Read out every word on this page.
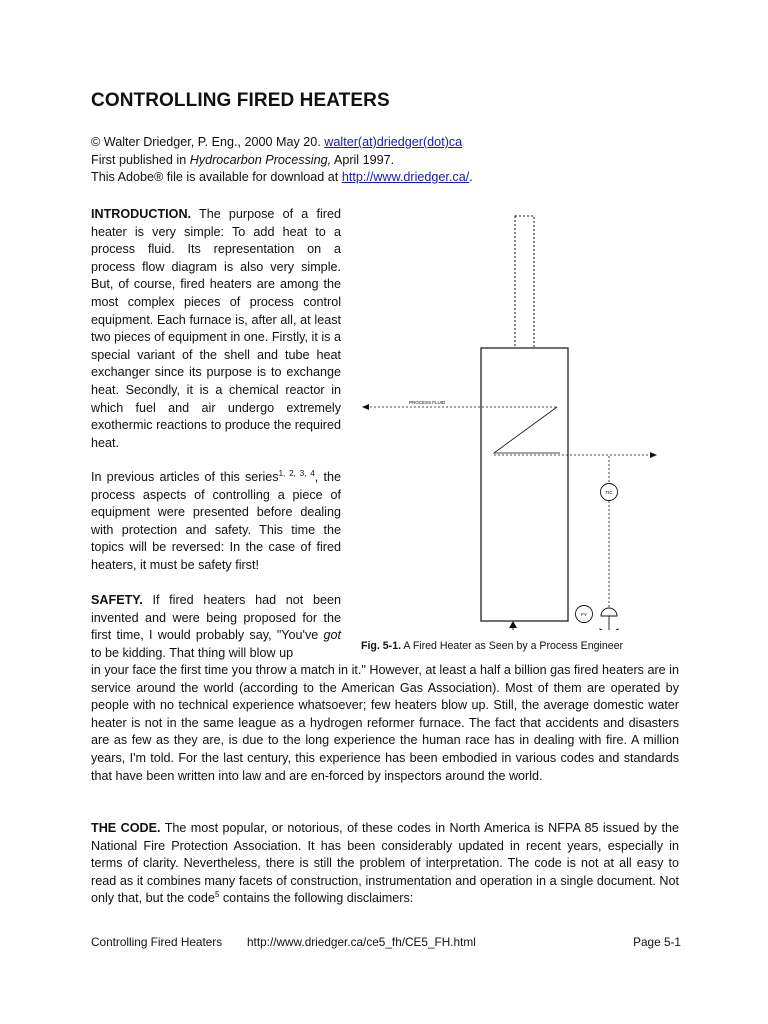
CONTROLLING FIRED HEATERS
© Walter Driedger, P. Eng., 2000 May 20. walter(at)driedger(dot)ca
First published in Hydrocarbon Processing, April 1997.
This Adobe® file is available for download at http://www.driedger.ca/.

INTRODUCTION. The purpose of a fired heater is very simple: To add heat to a process fluid. Its representation on a process flow diagram is also very simple. But, of course, fired heaters are among the most complex pieces of process control equipment. Each furnace is, after all, at least two pieces of equipment in one. Firstly, it is a special variant of the shell and tube heat exchanger since its purpose is to exchange heat. Secondly, it is a chemical reactor in which fuel and air undergo extremely exothermic reactions to produce the required heat.

In previous articles of this series$^{1, 2, 3, 4}$, the process aspects of controlling a piece of equipment were presented before dealing with protection and safety. This time the topics will be reversed: In the case of fired heaters, it must be safety first!

SAFETY. If fired heaters had not been invented and were being proposed for the first time, I would probably say, "You've got to be kidding. That thing will blow up

in your face the first time you throw a match in it." However, at least a half a billion gas fired heaters are in service around the world (according to the American Gas Association). Most of them are operated by people with no technical experience whatsoever; few heaters blow up. Still, the average domestic water heater is not in the same league as a hydrogen reformer furnace. The fact that accidents and disasters are as few as they are, is due to the long experience the human race has in dealing with fire. A million years, I'm told. For the last century, this experience has been embodied in various codes and standards that have been written into law and are en-forced by inspectors around the world.

THE CODE. The most popular, or notorious, of these codes in North America is NFPA 85 issued by the National Fire Protection Association. It has been considerably updated in recent years, especially in terms of clarity. Nevertheless, there is still the problem of interpretation. The code is not at all easy to read as it combines many facets of construction, instrumentation and operation in a single document. Not only that, but the code$^5$ contains the following disclaimers:

PROCESS FLUID
TIC
FY
Fig. 5-1. A Fired Heater as Seen by a Process Engineer
Controlling Fired Heaters http://www.driedger.ca/ce5_fh/CE5_FH.html	Page 5-1
